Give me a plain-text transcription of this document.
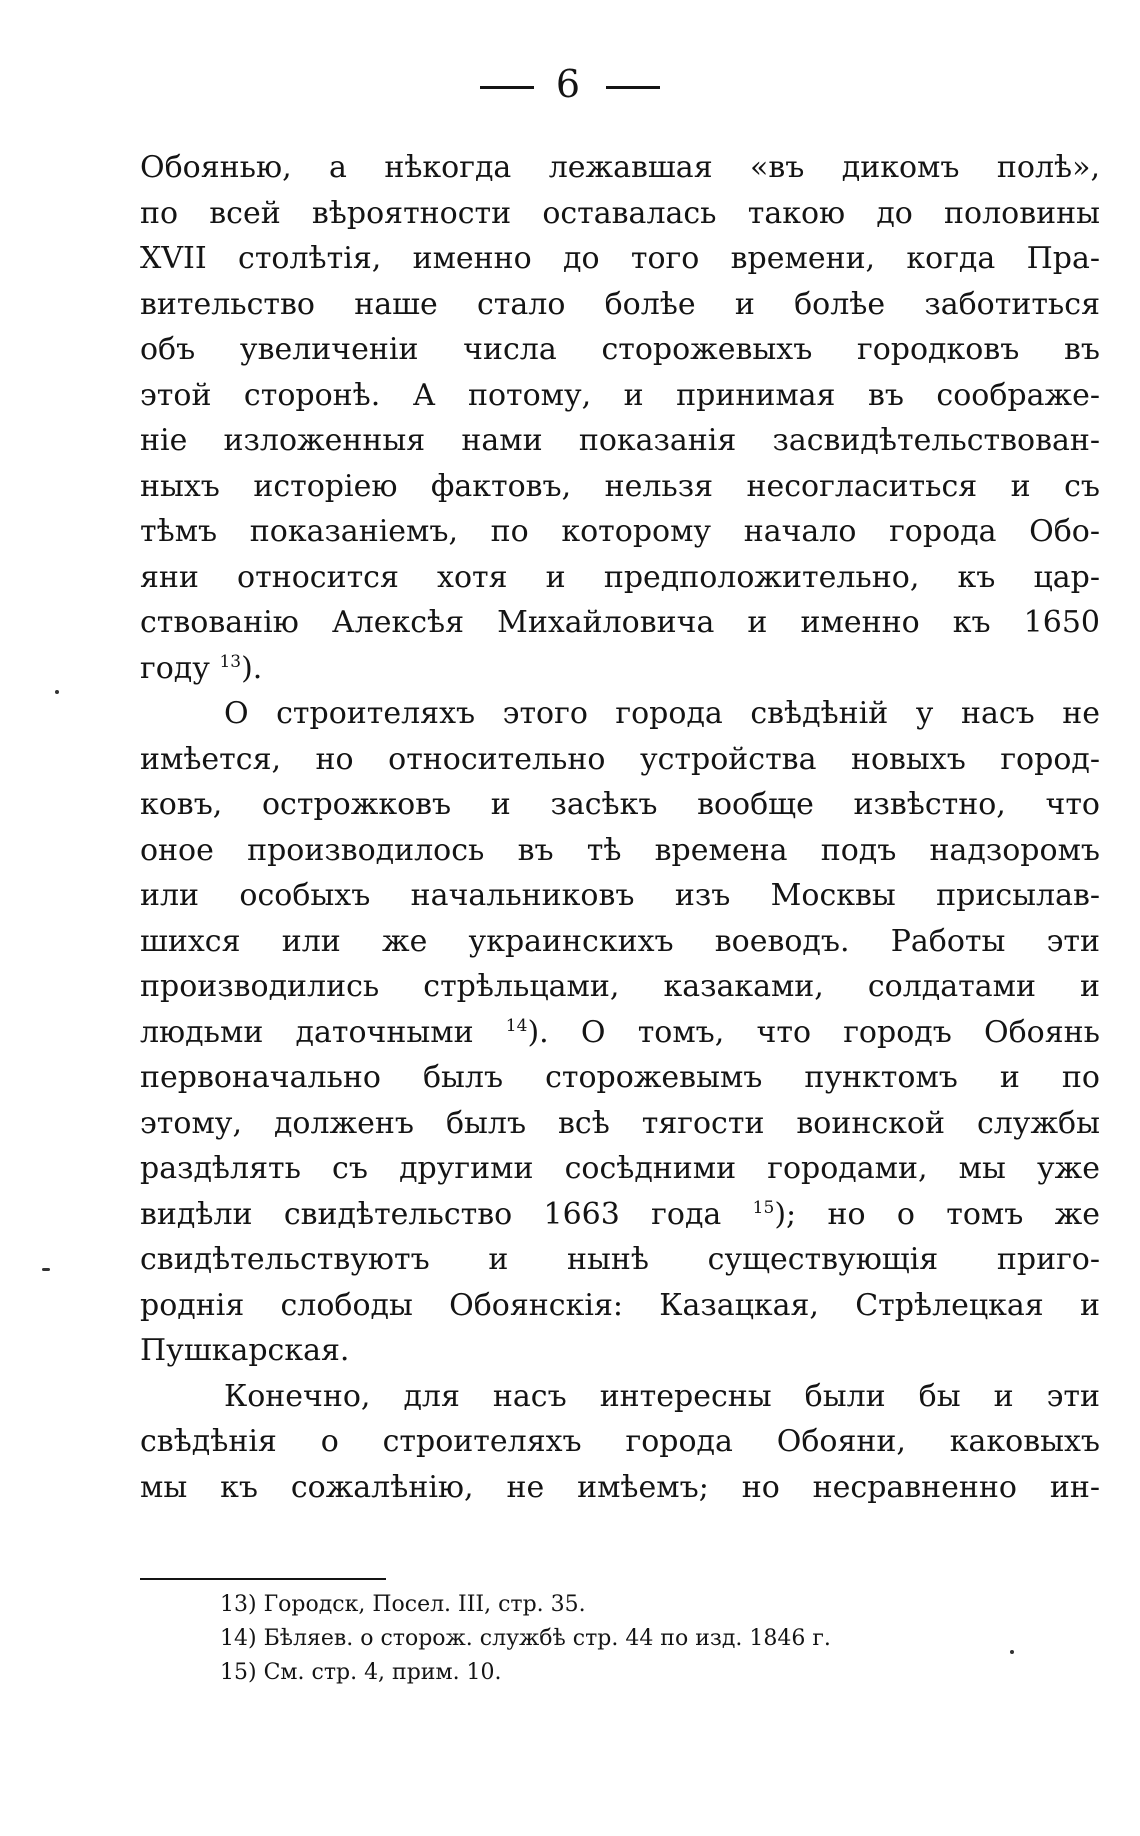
6
Обоянью, а нѣкогда лежавшая «въ дикомъ полѣ»,
по всей вѣроятности оставалась такою до половины
XVII столѣтія, именно до того времени, когда Пра-
вительство наше стало болѣе и болѣе заботиться
объ увеличеніи числа сторожевыхъ городковъ въ
этой сторонѣ. А потому, и принимая въ соображе-
ніе изложенныя нами показанія засвидѣтельствован-
ныхъ исторіею фактовъ, нельзя несогласиться и съ
тѣмъ показаніемъ, по которому начало города Обо-
яни относится хотя и предположительно, къ цар-
ствованію Алексѣя Михайловича и именно къ 1650
году $^{13}$).
О строителяхъ этого города свѣдѣній у насъ не
имѣется, но относительно устройства новыхъ город-
ковъ, острожковъ и засѣкъ вообще извѣстно, что
оное производилось въ тѣ времена подъ надзоромъ
или особыхъ начальниковъ изъ Москвы присылав-
шихся или же украинскихъ воеводъ. Работы эти
производились стрѣльцами, казаками, солдатами и
людьми даточными $^{14}$). О томъ, что городъ Обоянь
первоначально былъ сторожевымъ пунктомъ и по
этому, долженъ былъ всѣ тягости воинской службы
раздѣлять съ другими сосѣдними городами, мы уже
видѣли свидѣтельство 1663 года $^{15}$); но о томъ же
свидѣтельствуютъ и нынѣ существующія приго-
роднія слободы Обоянскія: Казацкая, Стрѣлецкая и
Пушкарская.
Конечно, для насъ интересны были бы и эти
свѣдѣнія о строителяхъ города Обояни, каковыхъ
мы къ сожалѣнію, не имѣемъ; но несравненно ин-
13) Городск, Посел. III, стр. 35.
14) Бѣляев. о сторож. службѣ стр. 44 по изд. 1846 г.
15) См. стр. 4, прим. 10.
